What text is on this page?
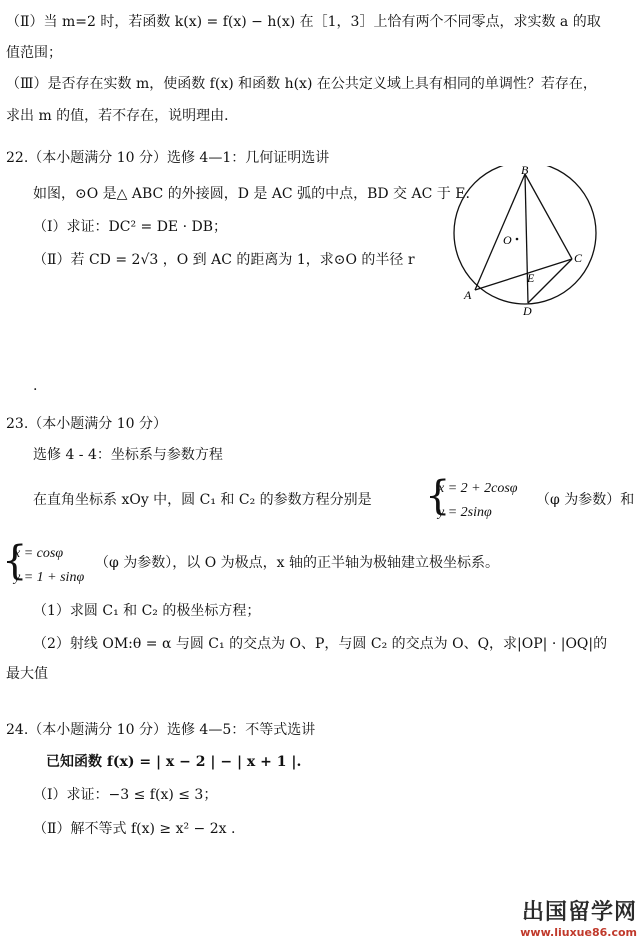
（Ⅱ）当 m=2 时，若函数 k(x) = f(x) − h(x) 在［1，3］上恰有两个不同零点，求实数 a 的取
值范围；
（Ⅲ）是否存在实数 m，使函数 f(x) 和函数 h(x) 在公共定义域上具有相同的单调性？若存在，
求出 m 的值，若不存在，说明理由．
22.（本小题满分 10 分）选修 4—1：几何证明选讲
如图，⊙O 是△ ABC 的外接圆，D 是 AC 弧的中点，BD 交 AC 于 E.
（Ⅰ）求证：DC² = DE · DB；
（Ⅱ）若 CD = 2√3 ，O 到 AC 的距离为 1，求⊙O 的半径 r
B
O
C
A
E
D
.
23.（本小题满分 10 分）
选修 4 - 4：坐标系与参数方程
在直角坐标系 xOy 中，圆 C₁ 和 C₂ 的参数方程分别是 {
x = 2 + 2cosφ
y = 2sinφ
（φ 为参数）和
{
x = cosφ
y = 1 + sinφ
（φ 为参数），以 O 为极点，x 轴的正半轴为极轴建立极坐标系。
（1）求圆 C₁ 和 C₂ 的极坐标方程；
（2）射线 OM:θ = α 与圆 C₁ 的交点为 O、P，与圆 C₂ 的交点为 O、Q，求|OP| · |OQ|的
最大值
24.（本小题满分 10 分）选修 4—5：不等式选讲
已知函数 f(x) = | x − 2 | − | x + 1 |.
（Ⅰ）求证：−3 ≤ f(x) ≤ 3；
（Ⅱ）解不等式 f(x) ≥ x² − 2x .
出国留学网
www.liuxue86.com
